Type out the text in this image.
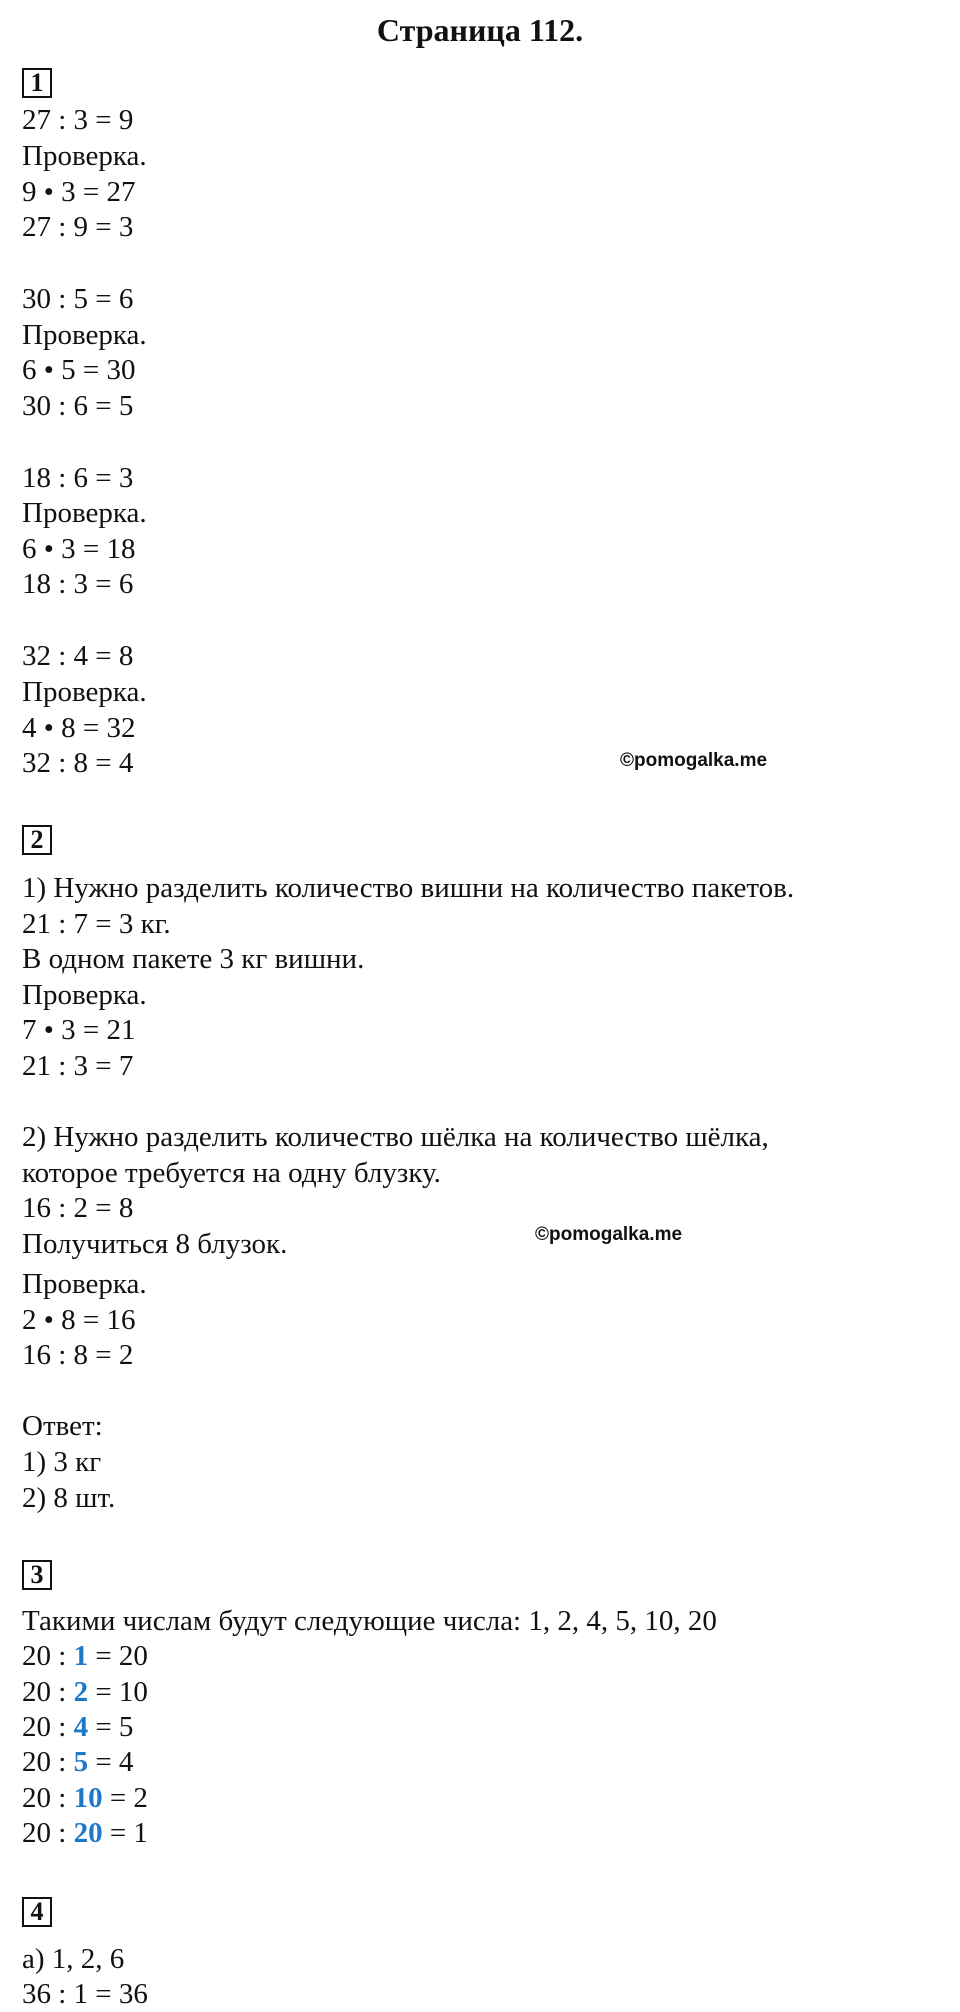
Страница 112.
1
27 : 3 = 9
Проверка.
9 • 3 = 27
27 : 9 = 3
30 : 5 = 6
Проверка.
6 • 5 = 30
30 : 6 = 5
18 : 6 = 3
Проверка.
6 • 3 = 18
18 : 3 = 6
32 : 4 = 8
Проверка.
4 • 8 = 32
32 : 8 = 4	©pomogalka.me
2
1) Нужно разделить количество вишни на количество пакетов.
21 : 7 = 3 кг.
В одном пакете 3 кг вишни.
Проверка.
7 • 3 = 21
21 : 3 = 7
2) Нужно разделить количество шёлка на количество шёлка,
которое требуется на одну блузку.
16 : 2 = 8
Получиться 8 блузок.	©pomogalka.me
Проверка.
2 • 8 = 16
16 : 8 = 2
Ответ:
1) 3 кг
2) 8 шт.
3
Такими числам будут следующие числа: 1, 2, 4, 5, 10, 20
20 : 1 = 20
20 : 2 = 10
20 : 4 = 5
20 : 5 = 4
20 : 10 = 2
20 : 20 = 1
4
а) 1, 2, 6
36 : 1 = 36
